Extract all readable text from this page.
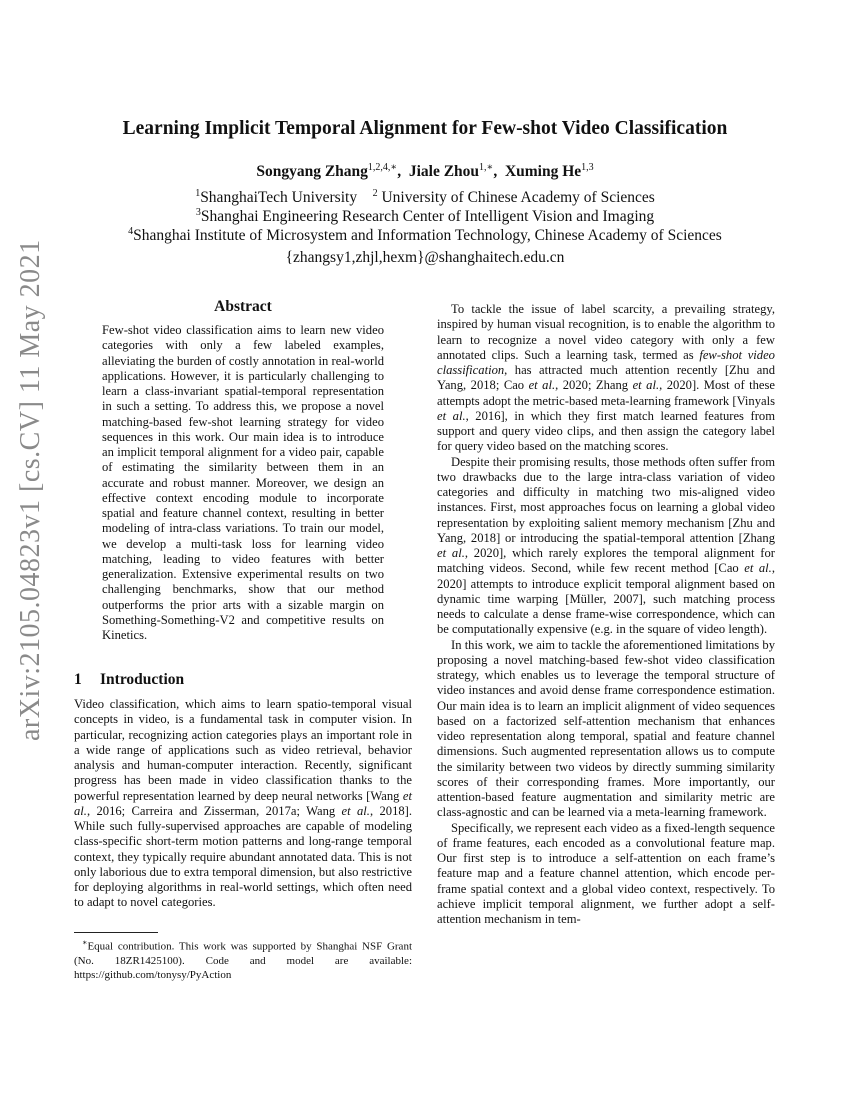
arXiv:2105.04823v1 [cs.CV] 11 May 2021
Learning Implicit Temporal Alignment for Few-shot Video Classification
Songyang Zhang$^{1,2,4,∗}$,  Jiale Zhou$^{1,∗}$,  Xuming He$^{1,3}$
$^1$ShanghaiTech University $^2$ University of Chinese Academy of Sciences
$^3$Shanghai Engineering Research Center of Intelligent Vision and Imaging
$^4$Shanghai Institute of Microsystem and Information Technology, Chinese Academy of Sciences
{zhangsy1,zhjl,hexm}@shanghaitech.edu.cn
Abstract

Few-shot video classification aims to learn new video categories with only a few labeled examples, alleviating the burden of costly annotation in real-world applications. However, it is particularly challenging to learn a class-invariant spatial-temporal representation in such a setting. To address this, we propose a novel matching-based few-shot learning strategy for video sequences in this work. Our main idea is to introduce an implicit temporal alignment for a video pair, capable of estimating the similarity between them in an accurate and robust manner. Moreover, we design an effective context encoding module to incorporate spatial and feature channel context, resulting in better modeling of intra-class variations. To train our model, we develop a multi-task loss for learning video matching, leading to video features with better generalization. Extensive experimental results on two challenging benchmarks, show that our method outperforms the prior arts with a sizable margin on Something-Something-V2 and competitive results on Kinetics.

1 Introduction

Video classification, which aims to learn spatio-temporal visual concepts in video, is a fundamental task in computer vision. In particular, recognizing action categories plays an important role in a wide range of applications such as video retrieval, behavior analysis and human-computer interaction. Recently, significant progress has been made in video classification thanks to the powerful representation learned by deep neural networks [Wang et al., 2016; Carreira and Zisserman, 2017a; Wang et al., 2018]. While such fully-supervised approaches are capable of modeling class-specific short-term motion patterns and long-range temporal context, they typically require abundant annotated data. This is not only laborious due to extra temporal dimension, but also restrictive for deploying algorithms in real-world settings, which often need to adapt to novel categories.

∗Equal contribution. This work was supported by Shanghai NSF Grant (No. 18ZR1425100). Code and model are available: https://github.com/tonysy/PyAction

To tackle the issue of label scarcity, a prevailing strategy, inspired by human visual recognition, is to enable the algorithm to learn to recognize a novel video category with only a few annotated clips. Such a learning task, termed as few-shot video classification, has attracted much attention recently [Zhu and Yang, 2018; Cao et al., 2020; Zhang et al., 2020]. Most of these attempts adopt the metric-based meta-learning framework [Vinyals et al., 2016], in which they first match learned features from support and query video clips, and then assign the category label for query video based on the matching scores.

Despite their promising results, those methods often suffer from two drawbacks due to the large intra-class variation of video categories and difficulty in matching two mis-aligned video instances. First, most approaches focus on learning a global video representation by exploiting salient memory mechanism [Zhu and Yang, 2018] or introducing the spatial-temporal attention [Zhang et al., 2020], which rarely explores the temporal alignment for matching videos. Second, while few recent method [Cao et al., 2020] attempts to introduce explicit temporal alignment based on dynamic time warping [Müller, 2007], such matching process needs to calculate a dense frame-wise correspondence, which can be computationally expensive (e.g. in the square of video length).

In this work, we aim to tackle the aforementioned limitations by proposing a novel matching-based few-shot video classification strategy, which enables us to leverage the temporal structure of video instances and avoid dense frame correspondence estimation. Our main idea is to learn an implicit alignment of video sequences based on a factorized self-attention mechanism that enhances video representation along temporal, spatial and feature channel dimensions. Such augmented representation allows us to compute the similarity between two videos by directly summing similarity scores of their corresponding frames. More importantly, our attention-based feature augmentation and similarity metric are class-agnostic and can be learned via a meta-learning framework.

Specifically, we represent each video as a fixed-length sequence of frame features, each encoded as a convolutional feature map. Our first step is to introduce a self-attention on each frame’s feature map and a feature channel attention, which encode per-frame spatial context and a global video context, respectively. To achieve implicit temporal alignment, we further adopt a self-attention mechanism in tem-
